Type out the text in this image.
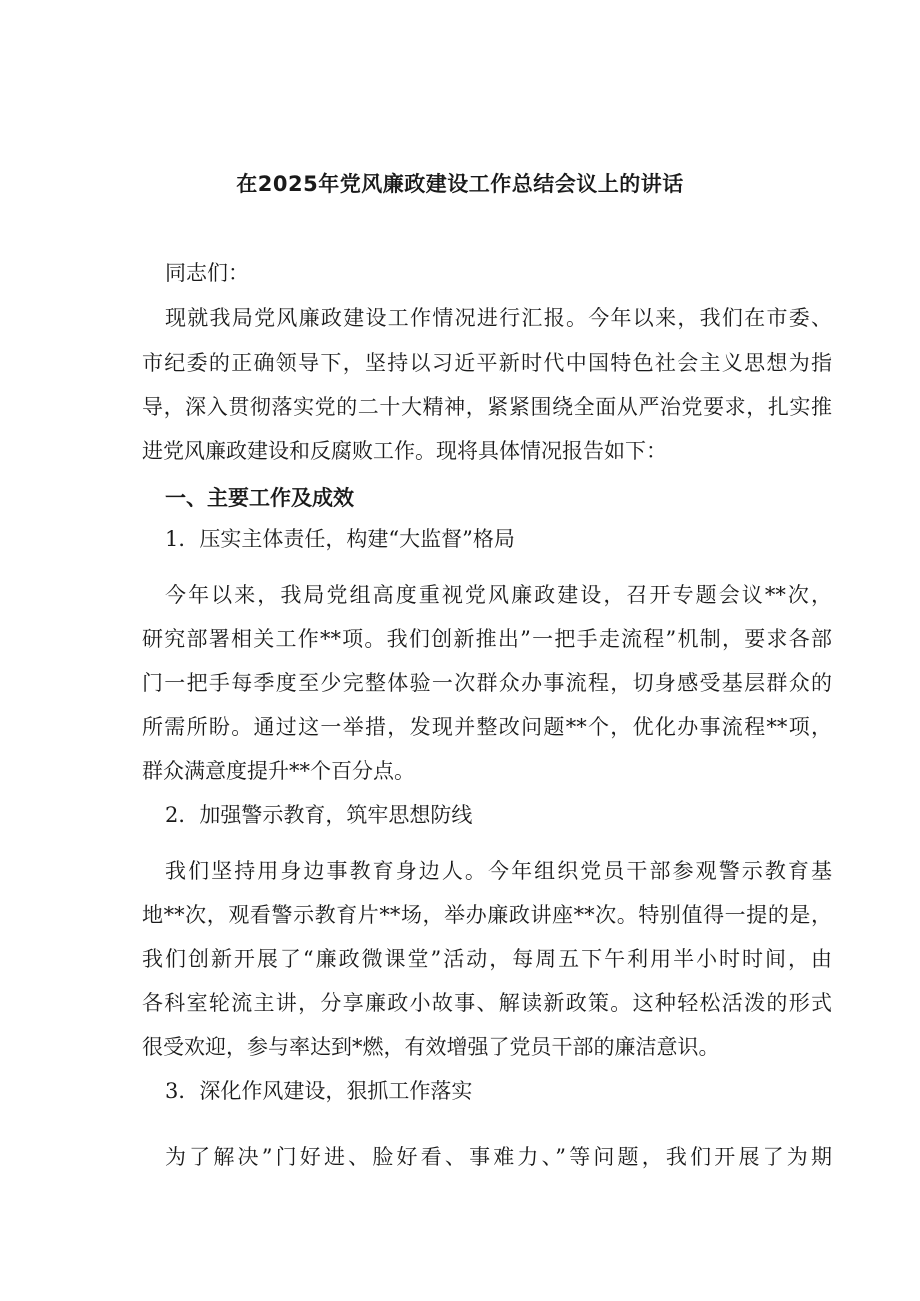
在2025年党风廉政建设工作总结会议上的讲话
同志们：
现就我局党风廉政建设工作情况进行汇报。今年以来，我们在市委、
市纪委的正确领导下，坚持以习近平新时代中国特色社会主义思想为指
导，深入贯彻落实党的二十大精神，紧紧围绕全面从严治党要求，扎实推
进党风廉政建设和反腐败工作。现将具体情况报告如下：
一、主要工作及成效
1．压实主体责任，构建“大监督”格局
今年以来，我局党组高度重视党风廉政建设，召开专题会议**次，
研究部署相关工作**项。我们创新推出”一把手走流程”机制，要求各部
门一把手每季度至少完整体验一次群众办事流程，切身感受基层群众的
所需所盼。通过这一举措，发现并整改问题**个，优化办事流程**项，
群众满意度提升**个百分点。
2．加强警示教育，筑牢思想防线
我们坚持用身边事教育身边人。今年组织党员干部参观警示教育基
地**次，观看警示教育片**场，举办廉政讲座**次。特别值得一提的是，
我们创新开展了“廉政微课堂”活动，每周五下午利用半小时时间，由
各科室轮流主讲，分享廉政小故事、解读新政策。这种轻松活泼的形式
很受欢迎，参与率达到*燃，有效增强了党员干部的廉洁意识。
3．深化作风建设，狠抓工作落实
为了解决”门好进、脸好看、事难力、”等问题，我们开展了为期
